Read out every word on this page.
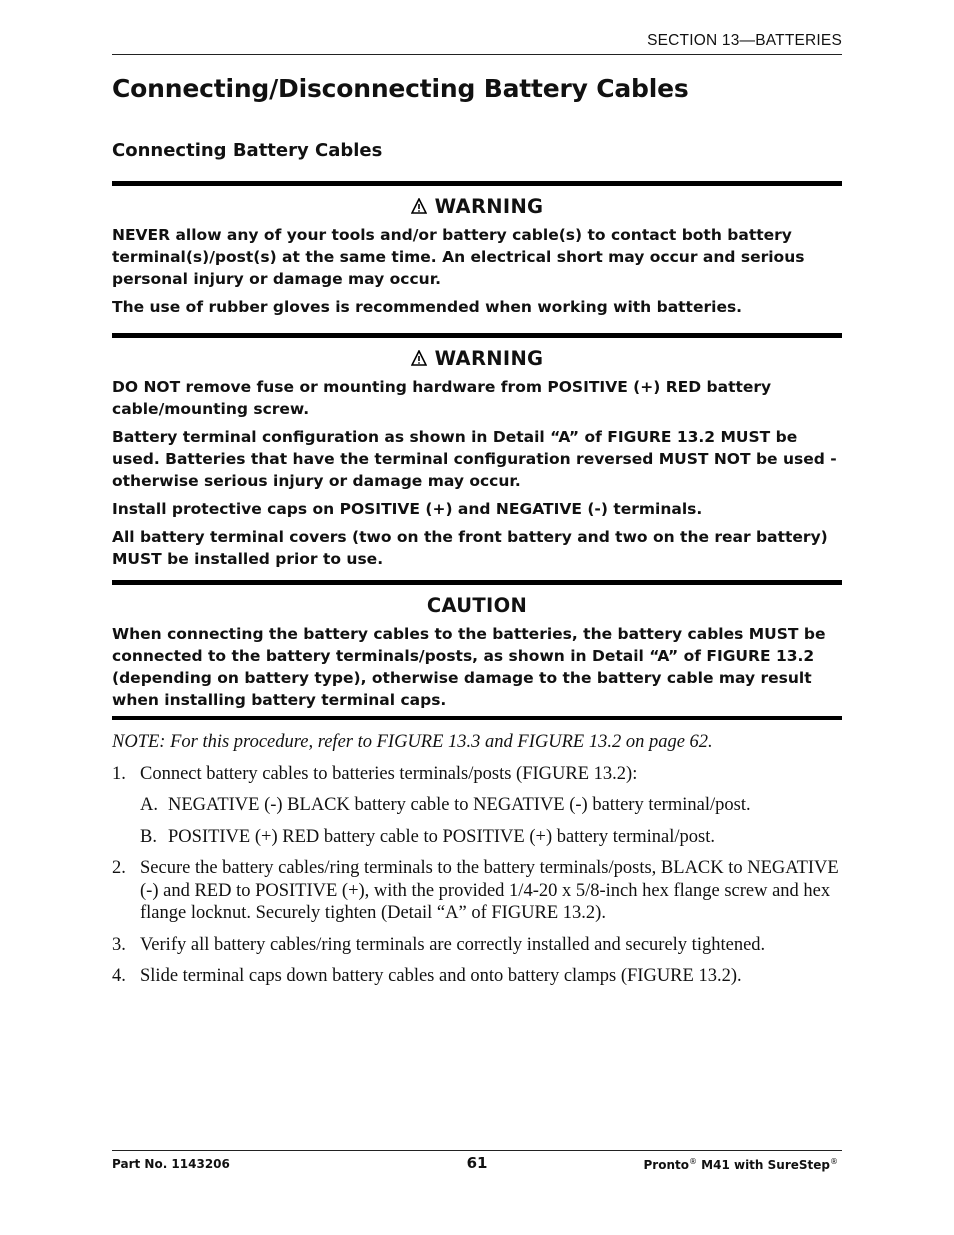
SECTION 13—BATTERIES
Connecting/Disconnecting Battery Cables
Connecting Battery Cables
WARNING

NEVER allow any of your tools and/or battery cable(s) to contact both battery terminal(s)/post(s) at the same time. An electrical short may occur and serious personal injury or damage may occur.

The use of rubber gloves is recommended when working with batteries.

WARNING

DO NOT remove fuse or mounting hardware from POSITIVE (+) RED battery cable/mounting screw.

Battery terminal configuration as shown in Detail “A” of FIGURE 13.2 MUST be used. Batteries that have the terminal configuration reversed MUST NOT be used - otherwise serious injury or damage may occur.

Install protective caps on POSITIVE (+) and NEGATIVE (-) terminals.

All battery terminal covers (two on the front battery and two on the rear battery) MUST be installed prior to use.

CAUTION

When connecting the battery cables to the batteries, the battery cables MUST be connected to the battery terminals/posts, as shown in Detail “A” of FIGURE 13.2 (depending on battery type), otherwise damage to the battery cable may result when installing battery terminal caps.

NOTE: For this procedure, refer to FIGURE 13.3 and FIGURE 13.2 on page 62.
1. Connect battery cables to batteries terminals/posts (FIGURE 13.2):
A. NEGATIVE (-) BLACK battery cable to NEGATIVE (-) battery terminal/post.
B. POSITIVE (+) RED battery cable to POSITIVE (+) battery terminal/post.
2. Secure the battery cables/ring terminals to the battery terminals/posts, BLACK to NEGATIVE (-) and RED to POSITIVE (+), with the provided 1/4-20 x 5/8-inch hex flange screw and hex flange locknut. Securely tighten (Detail “A” of FIGURE 13.2).
3. Verify all battery cables/ring terminals are correctly installed and securely tightened.
4. Slide terminal caps down battery cables and onto battery clamps (FIGURE 13.2).
Part No. 1143206	61	Pronto® M41 with SureStep®
